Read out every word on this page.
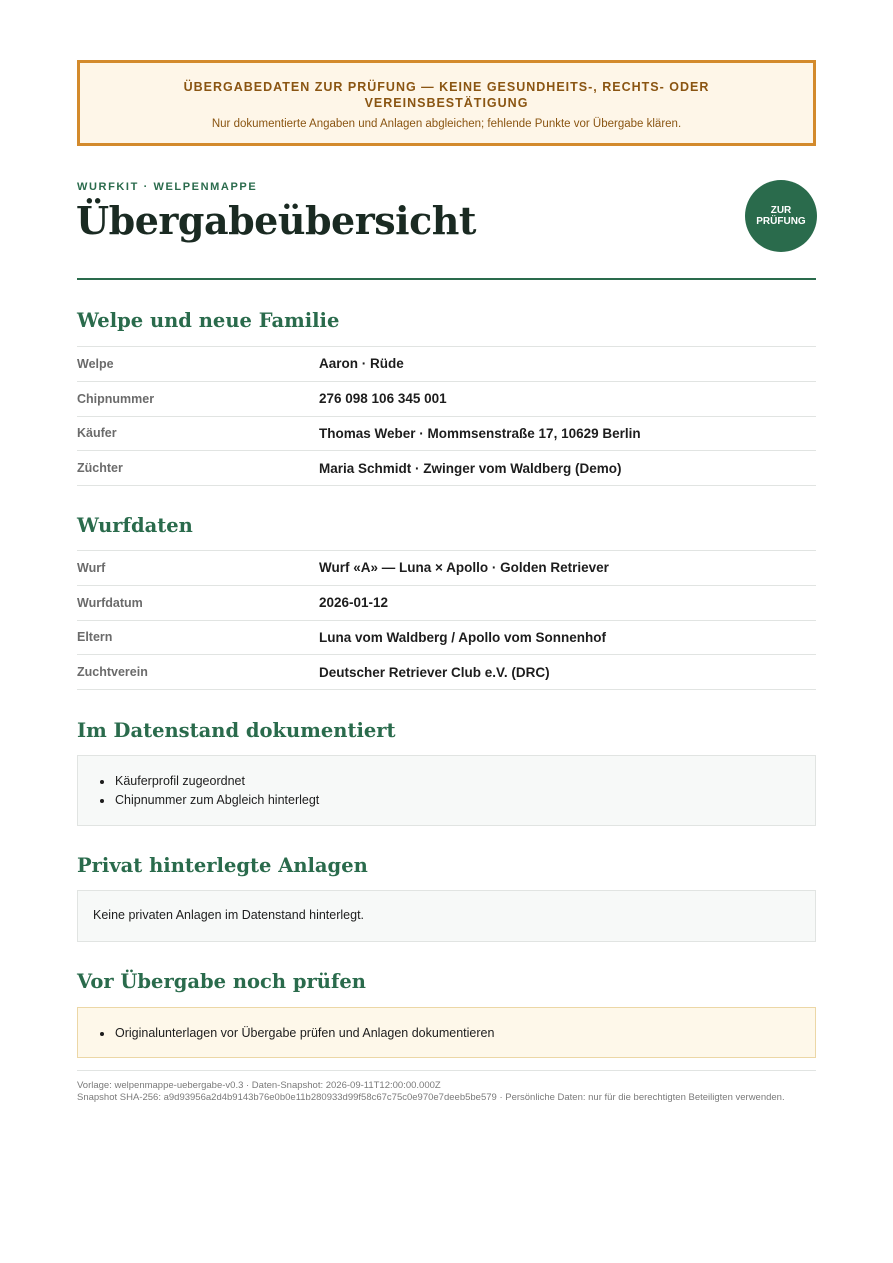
ÜBERGABEDATEN ZUR PRÜFUNG — KEINE GESUNDHEITS-, RECHTS- ODER VEREINSBESTÄTIGUNG
Nur dokumentierte Angaben und Anlagen abgleichen; fehlende Punkte vor Übergabe klären.
WURFKIT · WELPENMAPPE
Übergabeübersicht	ZUR PRÜFUNG
Welpe und neue Familie
Welpe	Aaron · Rüde
Chipnummer	276 098 106 345 001
Käufer	Thomas Weber · Mommsenstraße 17, 10629 Berlin
Züchter	Maria Schmidt · Zwinger vom Waldberg (Demo)
Wurfdaten
Wurf	Wurf «A» — Luna × Apollo · Golden Retriever
Wurfdatum	2026-01-12
Eltern	Luna vom Waldberg / Apollo vom Sonnenhof
Zuchtverein	Deutscher Retriever Club e.V. (DRC)
Im Datenstand dokumentiert
Käuferprofil zugeordnet
Chipnummer zum Abgleich hinterlegt
Privat hinterlegte Anlagen

Keine privaten Anlagen im Datenstand hinterlegt.

Vor Übergabe noch prüfen
Originalunterlagen vor Übergabe prüfen und Anlagen dokumentieren
Vorlage: welpenmappe-uebergabe-v0.3 · Daten-Snapshot: 2026-09-11T12:00:00.000Z
Snapshot SHA-256: a9d93956a2d4b9143b76e0b0e11b280933d99f58c67c75c0e970e7deeb5be579 · Persönliche Daten: nur für die berechtigten Beteiligten verwenden.
